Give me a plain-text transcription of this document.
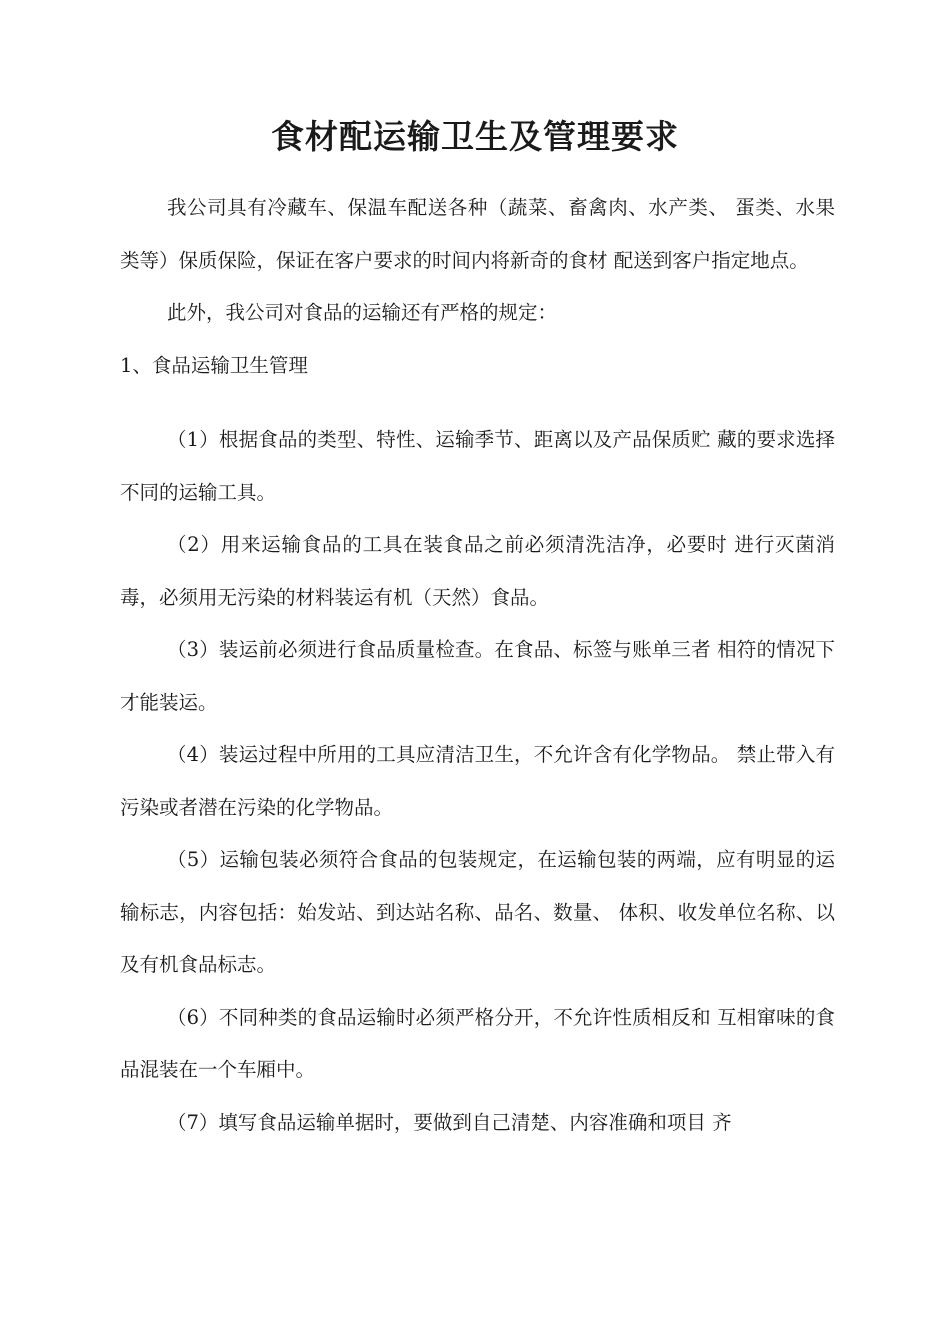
食材配运输卫生及管理要求

我公司具有冷藏车、保温车配送各种（蔬菜、畜禽肉、水产类、 蛋类、水果类等）保质保险，保证在客户要求的时间内将新奇的食材 配送到客户指定地点。

此外，我公司对食品的运输还有严格的规定：

1、食品运输卫生管理

（1）根据食品的类型、特性、运输季节、距离以及产品保质贮 藏的要求选择不同的运输工具。

（2）用来运输食品的工具在装食品之前必须清洗洁净，必要时 进行灭菌消毒，必须用无污染的材料装运有机（天然）食品。

（3）装运前必须进行食品质量检查。在食品、标签与账单三者 相符的情况下才能装运。

（4）装运过程中所用的工具应清洁卫生，不允许含有化学物品。 禁止带入有污染或者潜在污染的化学物品。

（5）运输包装必须符合食品的包装规定，在运输包装的两端，应有明显的运输标志，内容包括：始发站、到达站名称、品名、数量、 体积、收发单位名称、以及有机食品标志。

（6）不同种类的食品运输时必须严格分开，不允许性质相反和 互相窜味的食品混装在一个车厢中。

（7）填写食品运输单据时，要做到自己清楚、内容准确和项目 齐
